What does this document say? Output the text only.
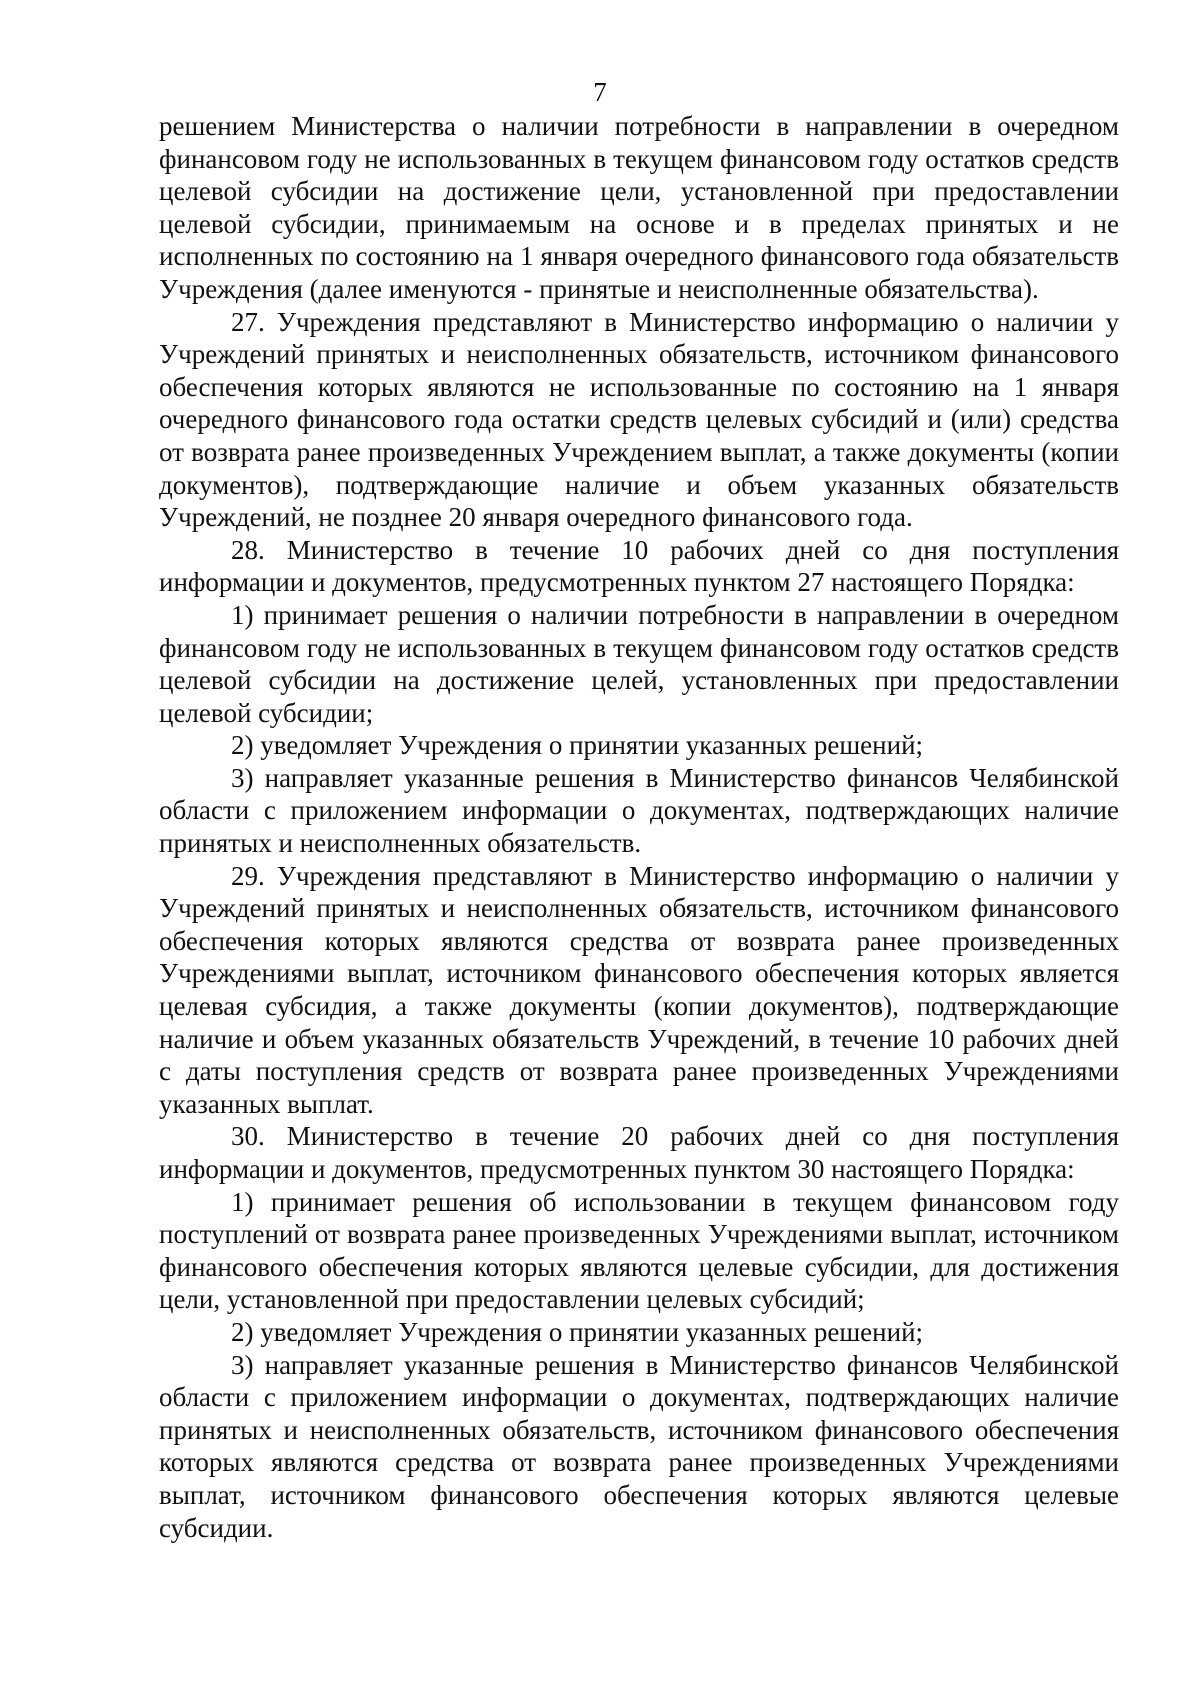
7

решением Министерства о наличии потребности в направлении в очередном финансовом году не использованных в текущем финансовом году остатков средств целевой субсидии на достижение цели, установленной при предоставлении целевой субсидии, принимаемым на основе и в пределах принятых и не исполненных по состоянию на 1 января очередного финансового года обязательств Учреждения (далее именуются - принятые и неисполненные обязательства).

27. Учреждения представляют в Министерство информацию о наличии у Учреждений принятых и неисполненных обязательств, источником финансового обеспечения которых являются не использованные по состоянию на 1 января очередного финансового года остатки средств целевых субсидий и (или) средства от возврата ранее произведенных Учреждением выплат, а также документы (копии документов), подтверждающие наличие и объем указанных обязательств Учреждений, не позднее 20 января очередного финансового года.

28. Министерство в течение 10 рабочих дней со дня поступления информации и документов, предусмотренных пунктом 27 настоящего Порядка:

1) принимает решения о наличии потребности в направлении в очередном финансовом году не использованных в текущем финансовом году остатков средств целевой субсидии на достижение целей, установленных при предоставлении целевой субсидии;

2) уведомляет Учреждения о принятии указанных решений;

3) направляет указанные решения в Министерство финансов Челябинской области с приложением информации о документах, подтверждающих наличие принятых и неисполненных обязательств.

29. Учреждения представляют в Министерство информацию о наличии у Учреждений принятых и неисполненных обязательств, источником финансового обеспечения которых являются средства от возврата ранее произведенных Учреждениями выплат, источником финансового обеспечения которых является целевая субсидия, а также документы (копии документов), подтверждающие наличие и объем указанных обязательств Учреждений, в течение 10 рабочих дней с даты поступления средств от возврата ранее произведенных Учреждениями указанных выплат.

30. Министерство в течение 20 рабочих дней со дня поступления информации и документов, предусмотренных пунктом 30 настоящего Порядка:

1) принимает решения об использовании в текущем финансовом году поступлений от возврата ранее произведенных Учреждениями выплат, источником финансового обеспечения которых являются целевые субсидии, для достижения цели, установленной при предоставлении целевых субсидий;

2) уведомляет Учреждения о принятии указанных решений;

3) направляет указанные решения в Министерство финансов Челябинской области с приложением информации о документах, подтверждающих наличие принятых и неисполненных обязательств, источником финансового обеспечения которых являются средства от возврата ранее произведенных Учреждениями выплат, источником финансового обеспечения которых являются целевые субсидии.
